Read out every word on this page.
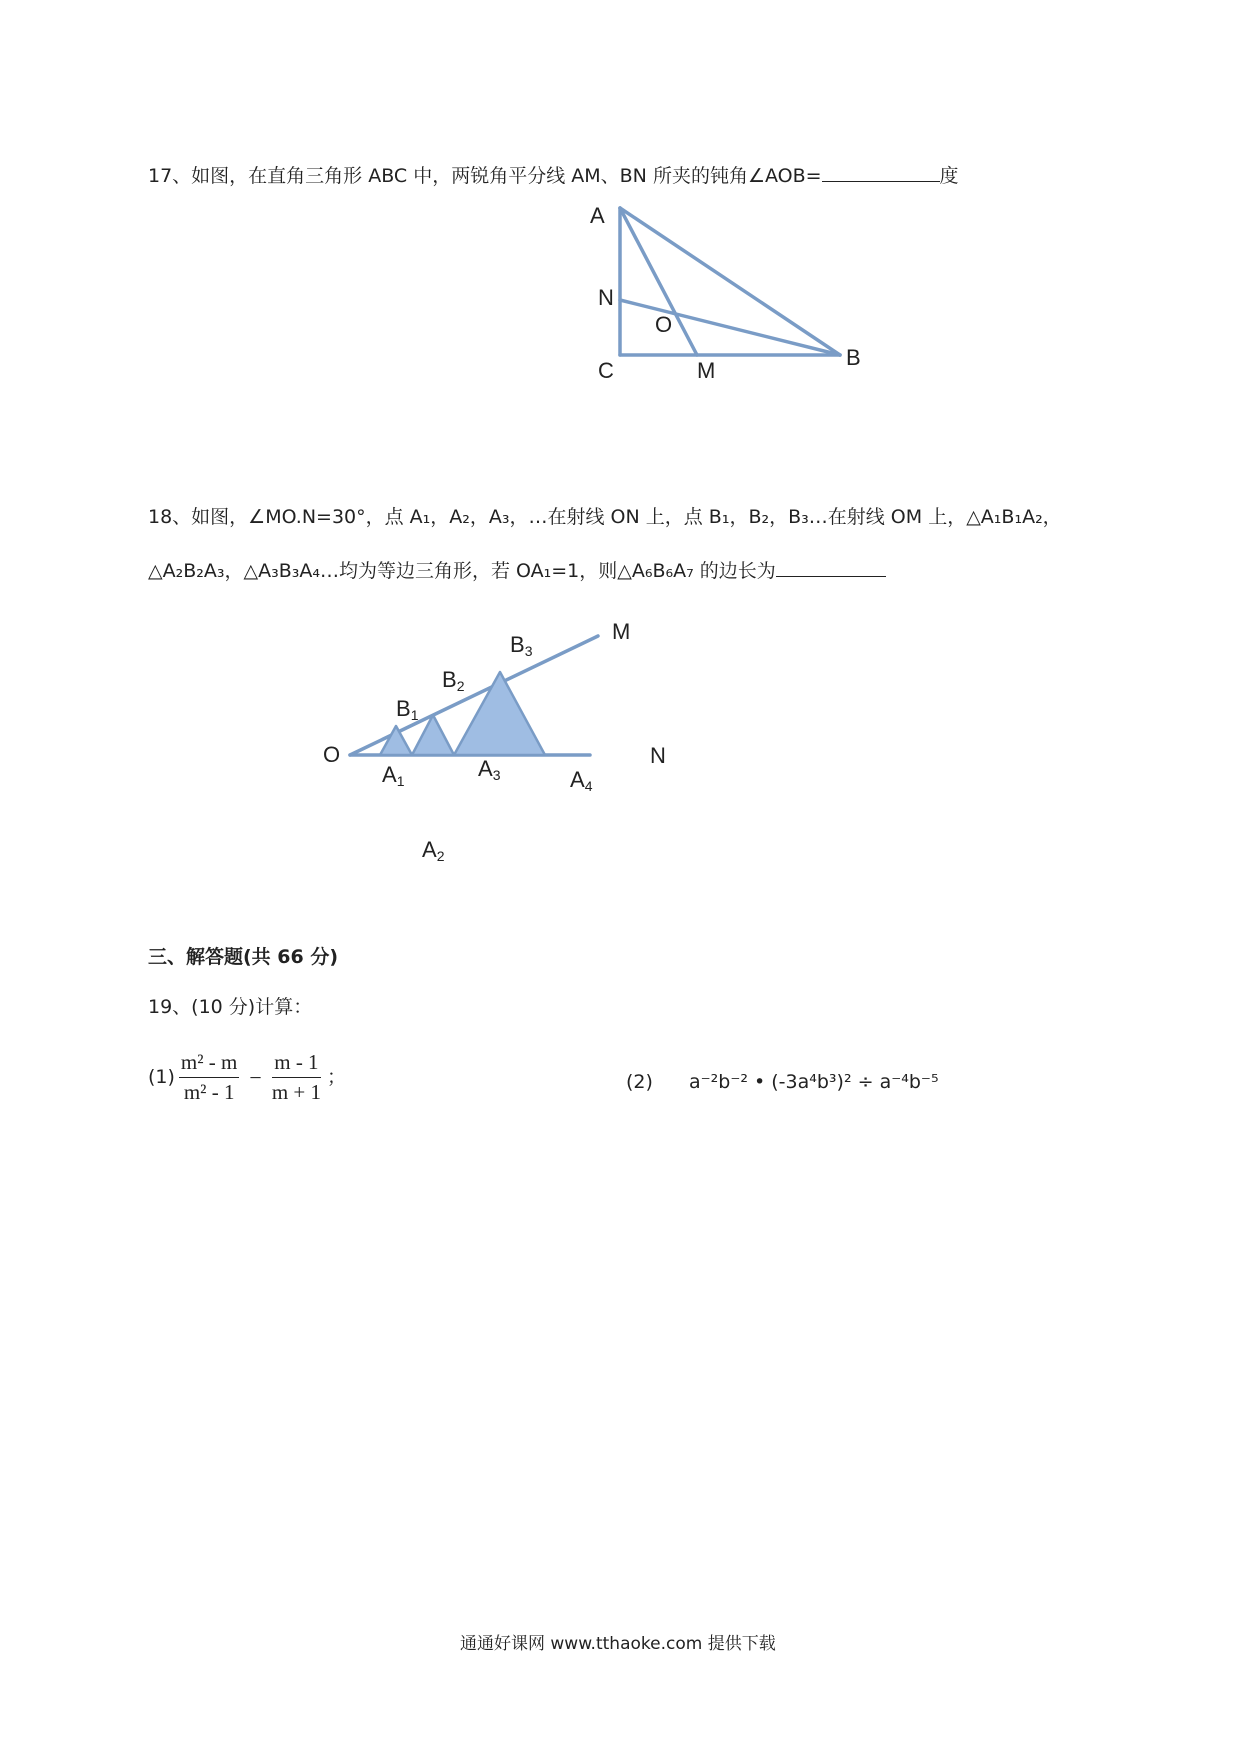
17、如图，在直角三角形 ABC 中，两锐角平分线 AM、BN 所夹的钝角∠AOB=	度
A
N
O
C	M
B
18、如图，∠MO.N=30°，点 A₁，A₂，A₃，…在射线 ON 上，点 B₁，B₂，B₃…在射线 OM 上，△A₁B₁A₂，
△A₂B₂A₃，△A₃B₃A₄…均为等边三角形，若 OA₁=1，则△A₆B₆A₇ 的边长为
O
M
N
B1
B2
B3
A1	A3	A4
A2
三、解答题(共 66 分)
19、(10 分)计算：
$(1) \frac{\text{m² - m}}{\text{m² - 1}} - \frac{m - 1}{m + 1}$ ；	(2) a⁻²b⁻² • (-3a⁴b³)² ÷ a⁻⁴b⁻⁵
通通好课网 www.tthaoke.com 提供下载
